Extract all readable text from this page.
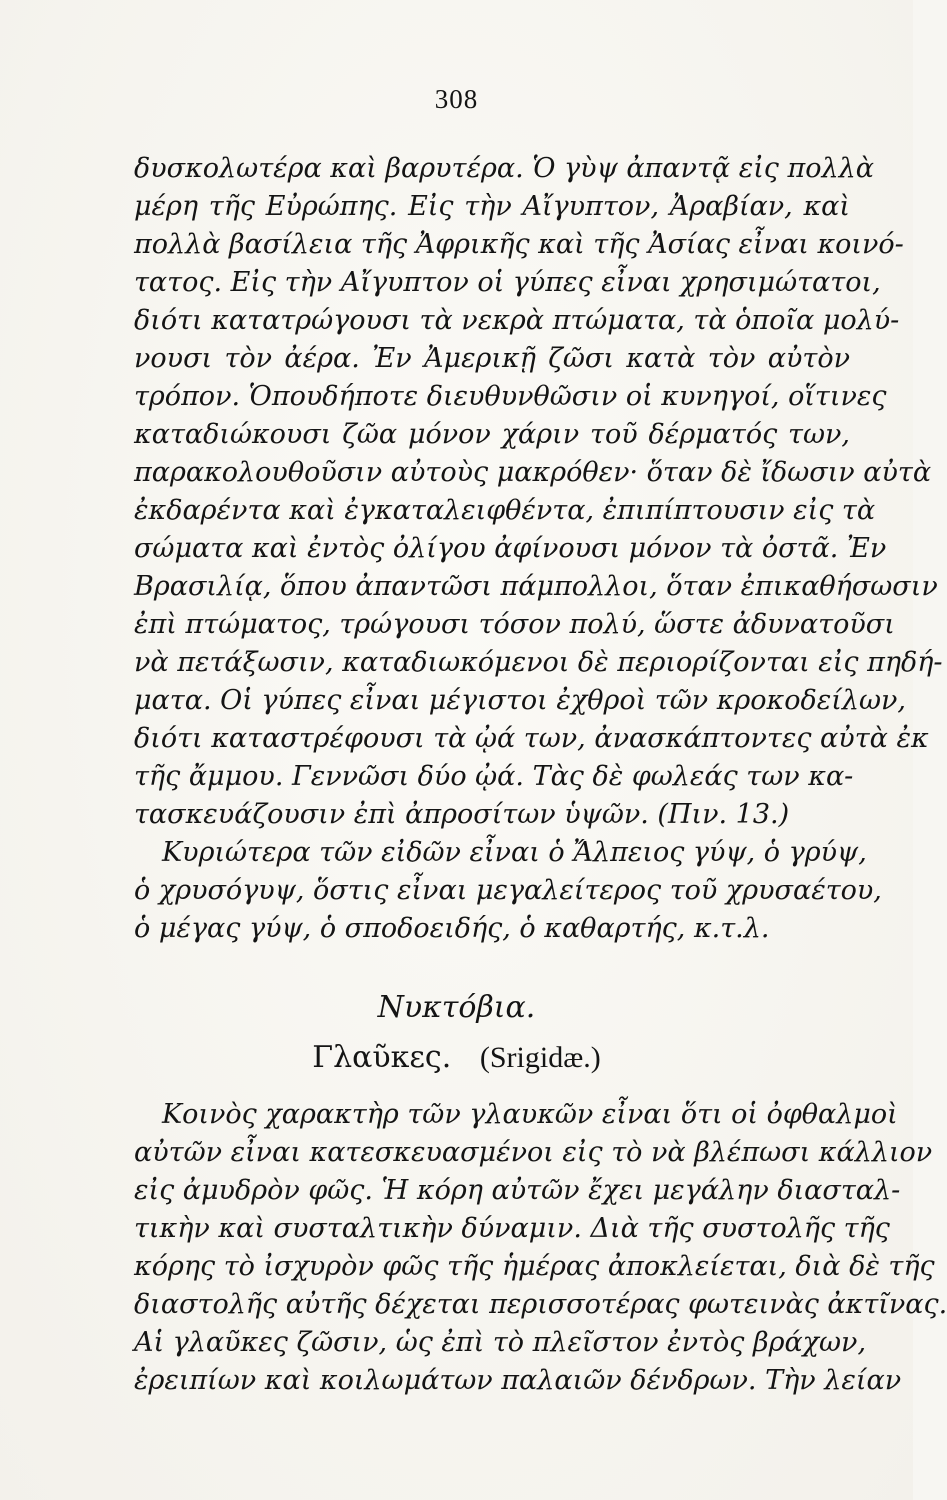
308
δυσκολωτέρα καὶ βαρυτέρα. Ὁ γὺψ ἀπαντᾷ εἰς πολλὰ
μέρη τῆς Εὐρώπης. Εἰς τὴν Αἴγυπτον, Ἀραβίαν, καὶ
πολλὰ βασίλεια τῆς Ἀφρικῆς καὶ τῆς Ἀσίας εἶναι κοινό-
τατος. Εἰς τὴν Αἴγυπτον οἱ γύπες εἶναι χρησιμώτατοι,
διότι κατατρώγουσι τὰ νεκρὰ πτώματα, τὰ ὁποῖα μολύ-
νουσι τὸν ἀέρα. Ἐν Ἀμερικῇ ζῶσι κατὰ τὸν αὐτὸν
τρόπον. Ὁπουδήποτε διευθυνθῶσιν οἱ κυνηγοί, οἵτινες
καταδιώκουσι ζῶα μόνον χάριν τοῦ δέρματός των,
παρακολουθοῦσιν αὐτοὺς μακρόθεν· ὅταν δὲ ἴδωσιν αὐτὰ
ἐκδαρέντα καὶ ἐγκαταλειφθέντα, ἐπιπίπτουσιν εἰς τὰ
σώματα καὶ ἐντὸς ὀλίγου ἀφίνουσι μόνον τὰ ὀστᾶ. Ἐν
Βρασιλίᾳ, ὅπου ἀπαντῶσι πάμπολλοι, ὅταν ἐπικαθήσωσιν
ἐπὶ πτώματος, τρώγουσι τόσον πολύ, ὥστε ἀδυνατοῦσι
νὰ πετάξωσιν, καταδιωκόμενοι δὲ περιορίζονται εἰς πηδή-
ματα. Οἱ γύπες εἶναι μέγιστοι ἐχθροὶ τῶν κροκοδείλων,
διότι καταστρέφουσι τὰ ᾠά των, ἀνασκάπτοντες αὐτὰ ἐκ
τῆς ἄμμου. Γεννῶσι δύο ᾠά. Τὰς δὲ φωλεάς των κα-
τασκευάζουσιν ἐπὶ ἀπροσίτων ὑψῶν. (Πιν. 13.)
Κυριώτερα τῶν εἰδῶν εἶναι ὁ Ἄλπειος γύψ, ὁ γρύψ,
ὁ χρυσόγυψ, ὅστις εἶναι μεγαλείτερος τοῦ χρυσαέτου,
ὁ μέγας γύψ, ὁ σποδοειδής, ὁ καθαρτής, κ.τ.λ.
Νυκτόβια.
Γλαῦκες. (Srigidæ.)
Κοινὸς χαρακτὴρ τῶν γλαυκῶν εἶναι ὅτι οἱ ὀφθαλμοὶ
αὐτῶν εἶναι κατεσκευασμένοι εἰς τὸ νὰ βλέπωσι κάλλιον
εἰς ἀμυδρὸν φῶς. Ἡ κόρη αὐτῶν ἔχει μεγάλην διασταλ-
τικὴν καὶ συσταλτικὴν δύναμιν. Διὰ τῆς συστολῆς τῆς
κόρης τὸ ἰσχυρὸν φῶς τῆς ἡμέρας ἀποκλείεται, διὰ δὲ τῆς
διαστολῆς αὐτῆς δέχεται περισσοτέρας φωτεινὰς ἀκτῖνας.
Αἱ γλαῦκες ζῶσιν, ὡς ἐπὶ τὸ πλεῖστον ἐντὸς βράχων,
ἐρειπίων καὶ κοιλωμάτων παλαιῶν δένδρων. Τὴν λείαν
